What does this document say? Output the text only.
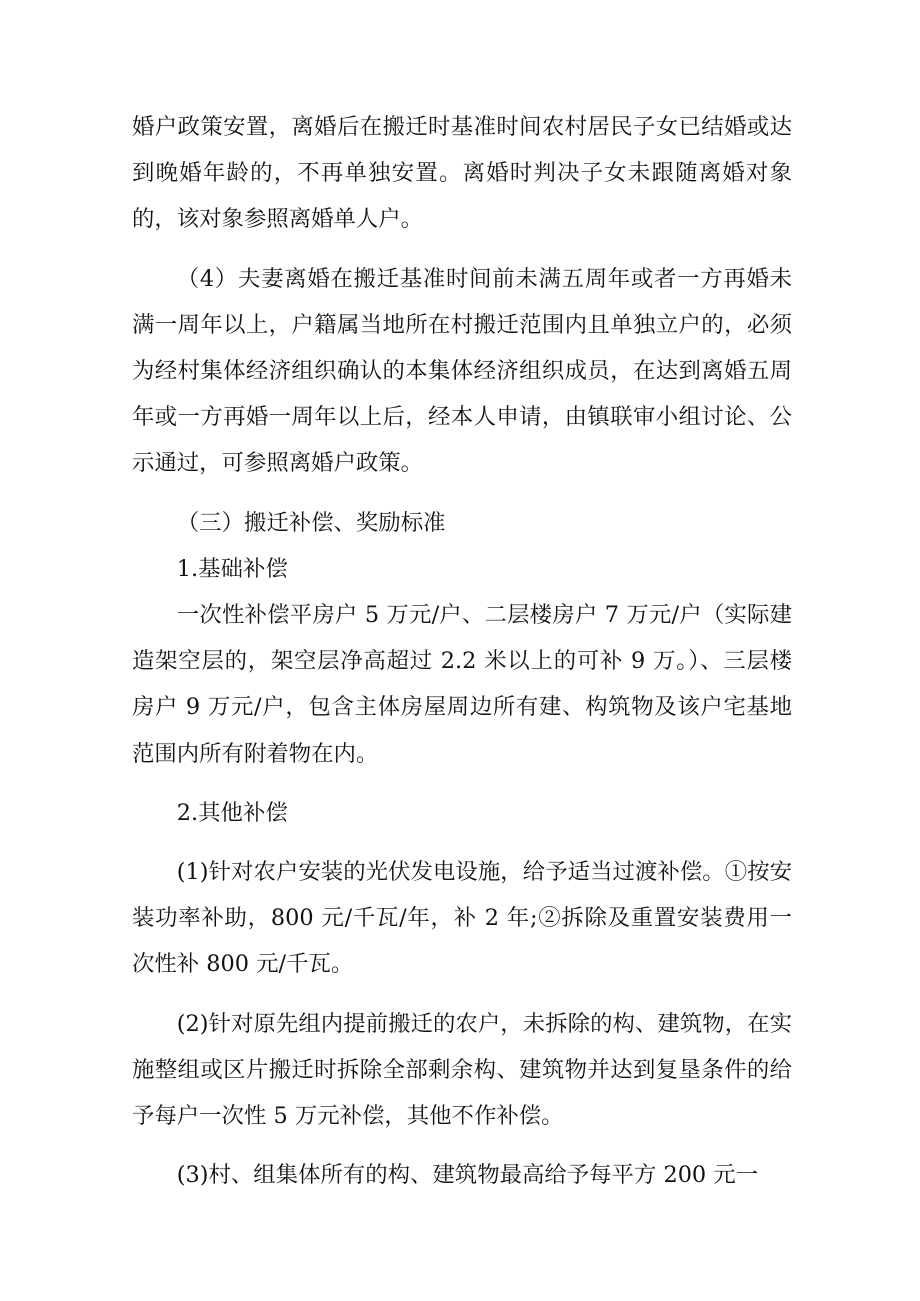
婚户政策安置，离婚后在搬迁时基准时间农村居民子女已结婚或达到晚婚年龄的，不再单独安置。离婚时判决子女未跟随离婚对象的，该对象参照离婚单人户。

（4）夫妻离婚在搬迁基准时间前未满五周年或者一方再婚未满一周年以上，户籍属当地所在村搬迁范围内且单独立户的，必须为经村集体经济组织确认的本集体经济组织成员，在达到离婚五周年或一方再婚一周年以上后，经本人申请，由镇联审小组讨论、公示通过，可参照离婚户政策。

（三）搬迁补偿、奖励标准

1.基础补偿

一次性补偿平房户 5 万元/户、二层楼房户 7 万元/户（实际建造架空层的，架空层净高超过 2.2 米以上的可补 9 万。）、三层楼房户 9 万元/户，包含主体房屋周边所有建、构筑物及该户宅基地范围内所有附着物在内。

2.其他补偿

(1)针对农户安装的光伏发电设施，给予适当过渡补偿。①按安装功率补助，800 元/千瓦/年，补 2 年;②拆除及重置安装费用一次性补 800 元/千瓦。

(2)针对原先组内提前搬迁的农户，未拆除的构、建筑物，在实施整组或区片搬迁时拆除全部剩余构、建筑物并达到复垦条件的给予每户一次性 5 万元补偿，其他不作补偿。

(3)村、组集体所有的构、建筑物最高给予每平方 200 元一
